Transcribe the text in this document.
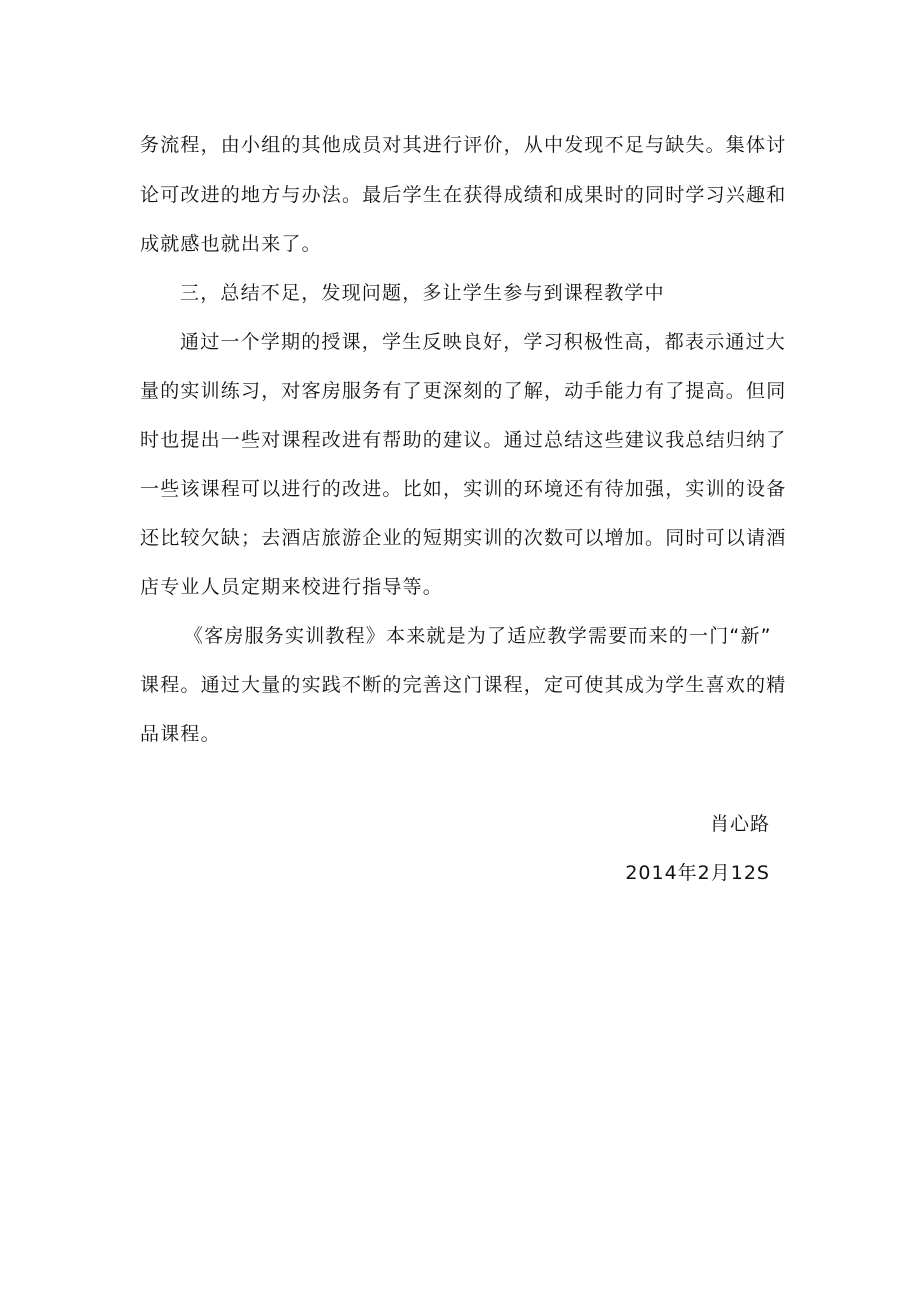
务流程，由小组的其他成员对其进行评价，从中发现不足与缺失。集体讨
论可改进的地方与办法。最后学生在获得成绩和成果时的同时学习兴趣和
成就感也就出来了。
三，总结不足，发现问题，多让学生参与到课程教学中
通过一个学期的授课，学生反映良好，学习积极性高，都表示通过大
量的实训练习，对客房服务有了更深刻的了解，动手能力有了提高。但同
时也提出一些对课程改进有帮助的建议。通过总结这些建议我总结归纳了
一些该课程可以进行的改进。比如，实训的环境还有待加强，实训的设备
还比较欠缺；去酒店旅游企业的短期实训的次数可以增加。同时可以请酒
店专业人员定期来校进行指导等。
《客房服务实训教程》本来就是为了适应教学需要而来的一门“新”
课程。通过大量的实践不断的完善这门课程，定可使其成为学生喜欢的精
品课程。
肖心路
2014年2月12S
